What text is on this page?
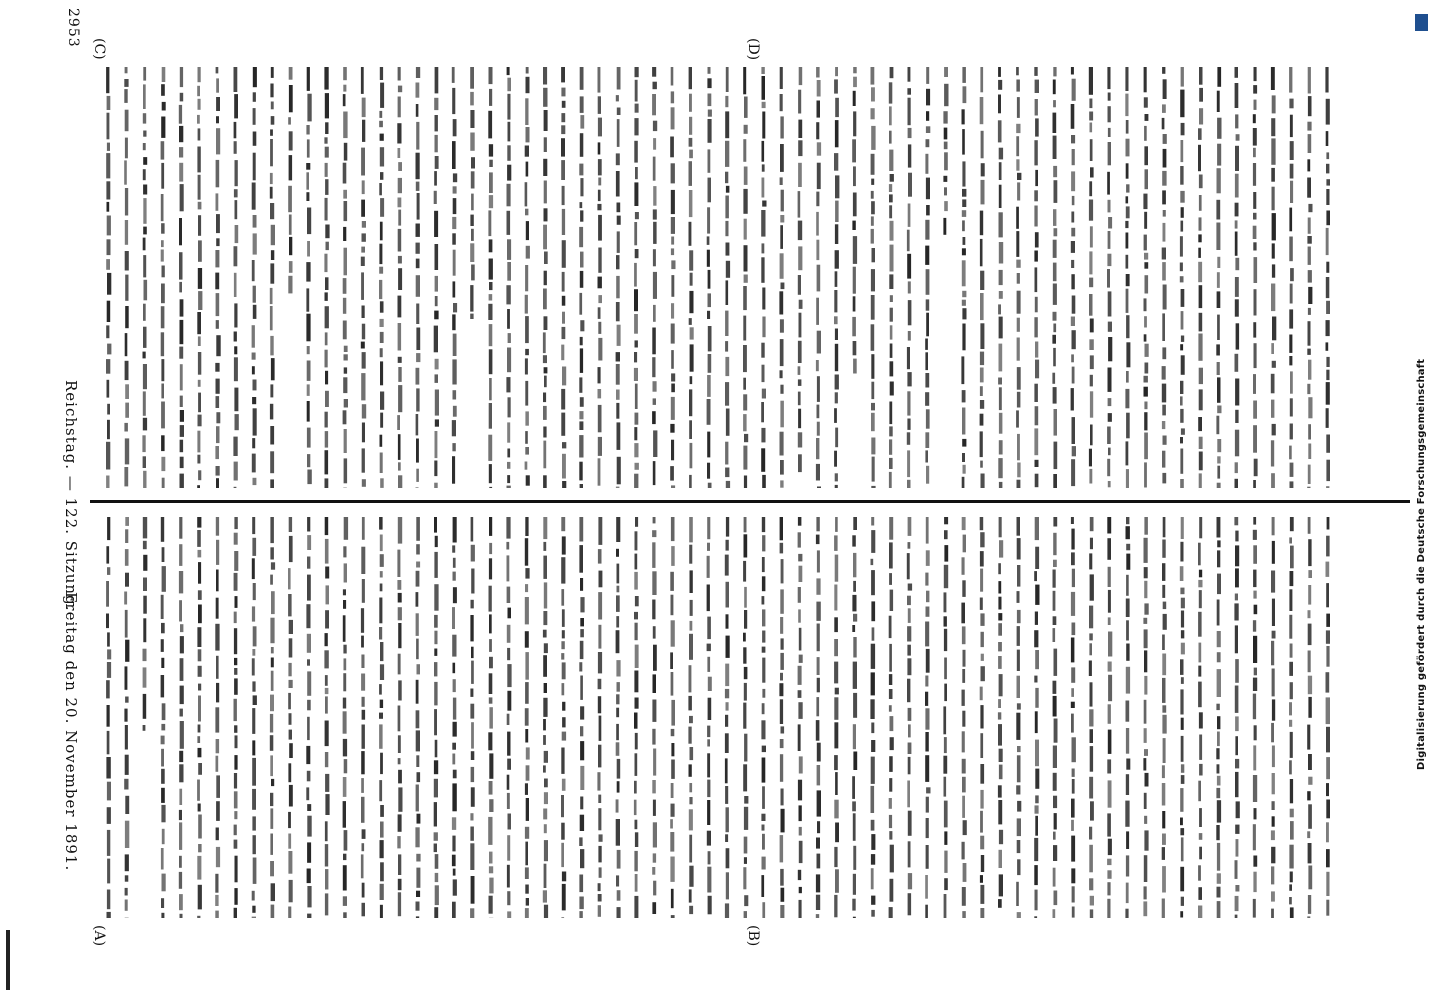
Reichstag. — 122. Sitzung.
Freitag den 20. November 1891.
2953
(A)	(B)
(C)	(D)
Digitalisierung gefördert durch die Deutsche Forschungsgemeinschaft
